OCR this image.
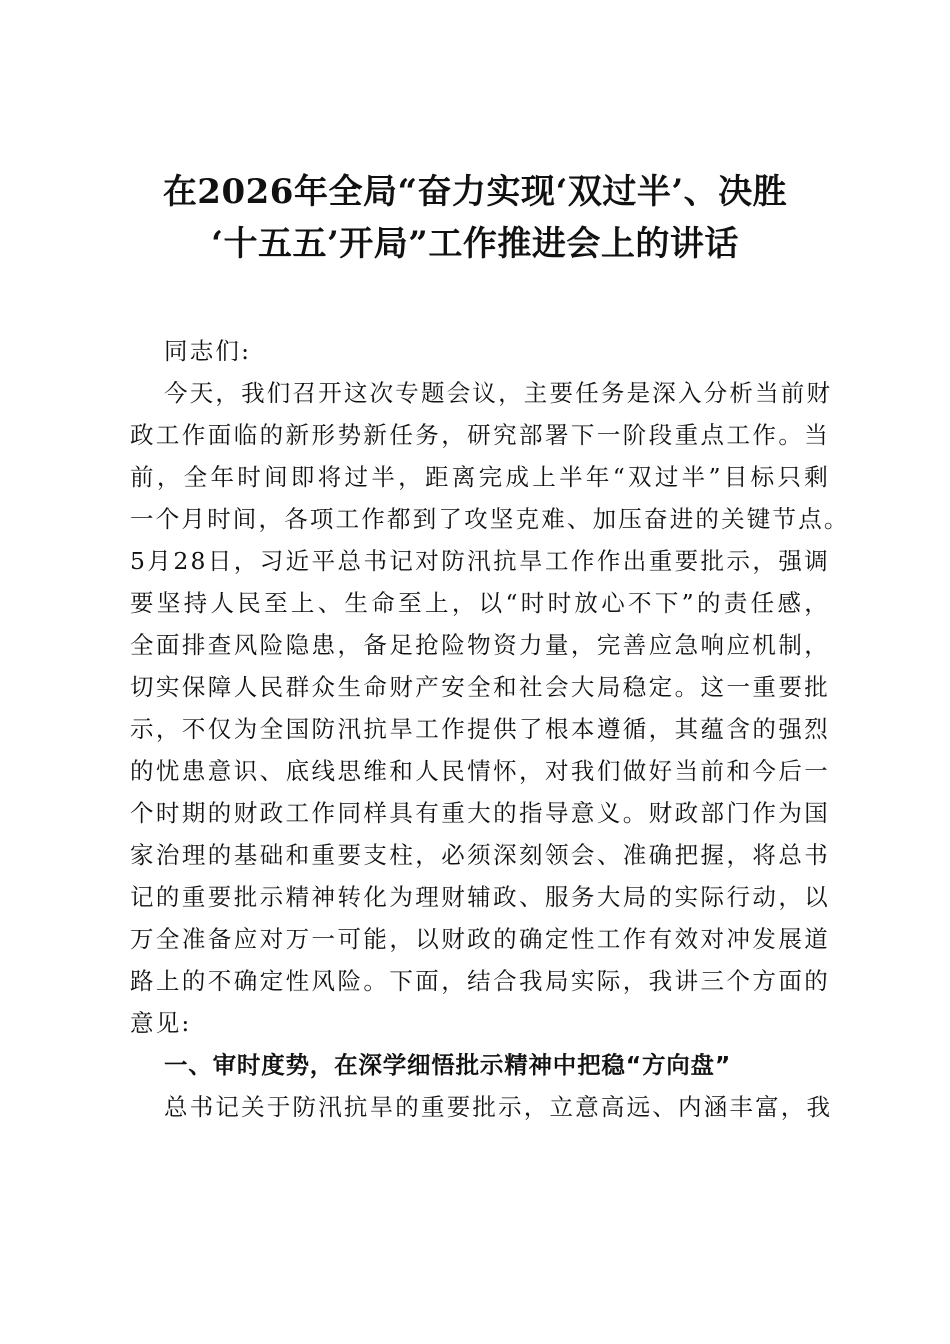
在2026年全局“奋力实现‘双过半’、决胜
‘十五五’开局”工作推进会上的讲话
同志们:
今天，我们召开这次专题会议，主要任务是深入分析当前财
政工作面临的新形势新任务，研究部署下一阶段重点工作。当
前，全年时间即将过半，距离完成上半年“双过半”目标只剩
一个月时间，各项工作都到了攻坚克难、加压奋进的关键节点。
5月28日，习近平总书记对防汛抗旱工作作出重要批示，强调
要坚持人民至上、生命至上，以“时时放心不下”的责任感，
全面排查风险隐患，备足抢险物资力量，完善应急响应机制，
切实保障人民群众生命财产安全和社会大局稳定。这一重要批
示，不仅为全国防汛抗旱工作提供了根本遵循，其蕴含的强烈
的忧患意识、底线思维和人民情怀，对我们做好当前和今后一
个时期的财政工作同样具有重大的指导意义。财政部门作为国
家治理的基础和重要支柱，必须深刻领会、准确把握，将总书
记的重要批示精神转化为理财辅政、服务大局的实际行动，以
万全准备应对万一可能，以财政的确定性工作有效对冲发展道
路上的不确定性风险。下面，结合我局实际，我讲三个方面的
意见:
一、审时度势，在深学细悟批示精神中把稳“方向盘”
总书记关于防汛抗旱的重要批示，立意高远、内涵丰富，我
